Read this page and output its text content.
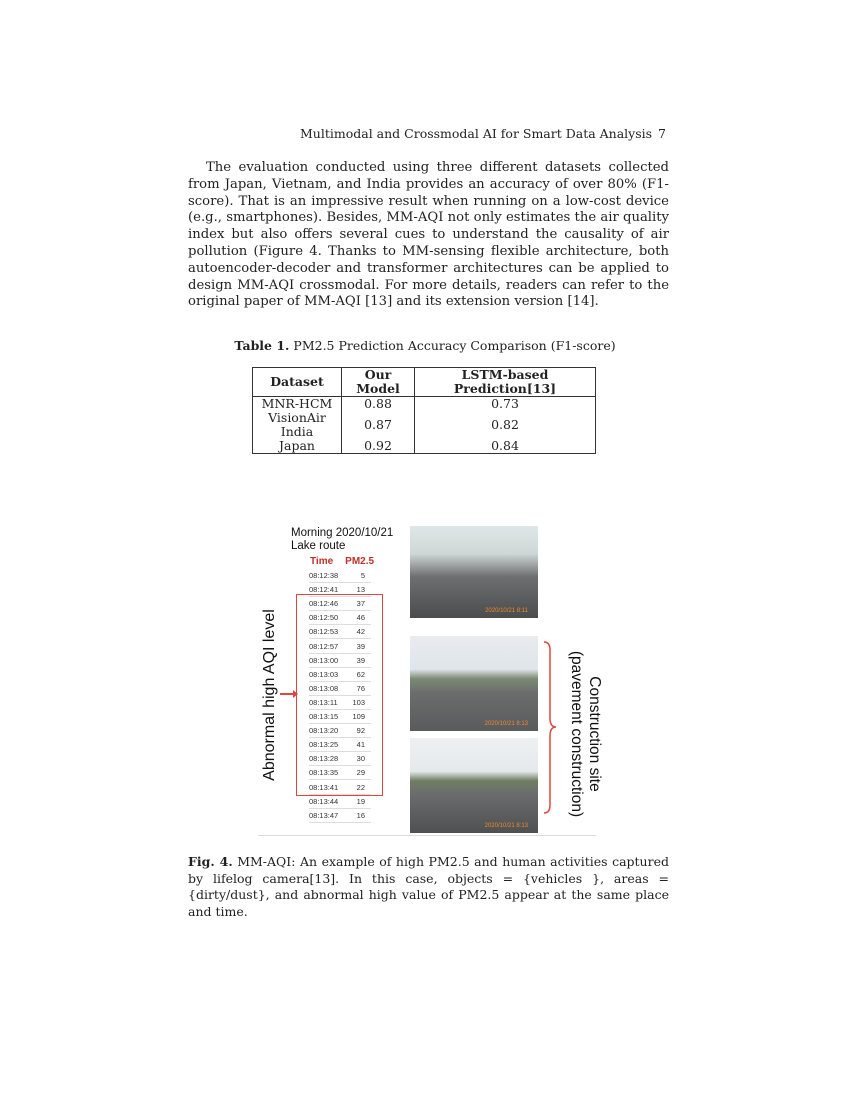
Multimodal and Crossmodal AI for Smart Data Analysis 7
The evaluation conducted using three different datasets collected from Japan, Vietnam, and India provides an accuracy of over 80% (F1-score). That is an impressive result when running on a low-cost device (e.g., smartphones). Besides, MM-AQI not only estimates the air quality index but also offers several cues to understand the causality of air pollution (Figure 4. Thanks to MM-sensing flexible architecture, both autoencoder-decoder and transformer architectures can be applied to design MM-AQI crossmodal. For more details, readers can refer to the original paper of MM-AQI [13] and its extension version [14].
Table 1. PM2.5 Prediction Accuracy Comparison (F1-score)
Dataset	Our Model	LSTM-based Prediction[13]
MNR-HCM	0.88	0.73
VisionAir India	0.87	0.82
Japan	0.92	0.84
Morning 2020/10/21
Lake route
Time PM2.5
08:12:38	5
08:12:41 13
08:12:46 37
08:12:50 46
08:12:53 42
08:12:57 39
08:13:00 39
08:13:03 62
08:13:08 76
08:13:11 103
08:13:15 109
08:13:20 92
08:13:25 41
08:13:28 30
08:13:35 29
08:13:41 22
08:13:44 19
08:13:47 16
Abnormal high AQI level	2020/10/21 8:11
2020/10/21 8:13
2020/10/21 8:13
Construction site
(pavement construction)
Fig. 4. MM-AQI: An example of high PM2.5 and human activities captured by lifelog camera[13]. In this case, objects = {vehicles }, areas = {dirty/dust}, and abnormal high value of PM2.5 appear at the same place and time.
